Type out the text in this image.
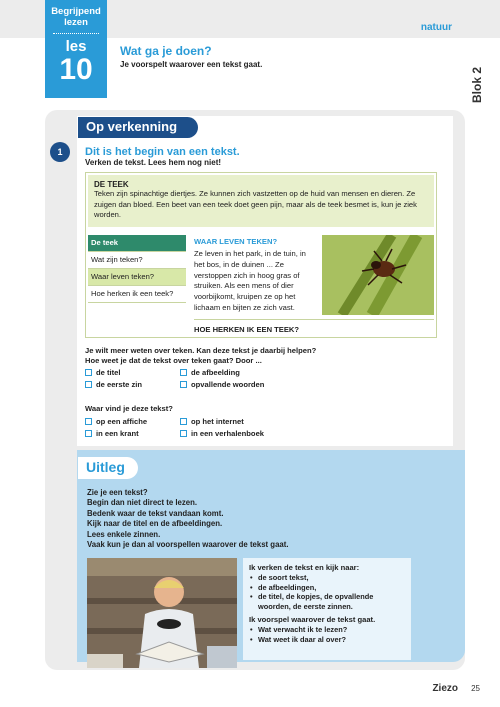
Begrijpend
lezen
les
10
natuur
Wat ga je doen?
Je voorspelt waarover een tekst gaat.
Blok 2
Op verkenning
1	Dit is het begin van een tekst.
Verken de tekst. Lees hem nog niet!
DE TEEK
Teken zijn spinachtige diertjes. Ze kunnen zich vastzetten op de huid van mensen en dieren. Ze zuigen dan bloed. Een beet van een teek doet geen pijn, maar als de teek besmet is, kun je ziek worden.
De teek
Wat zijn teken?
Waar leven teken?
Hoe herken ik een teek?
WAAR LEVEN TEKEN?
Ze leven in het park, in de tuin, in het bos, in de duinen ... Ze verstoppen zich in hoog gras of struiken. Als een mens of dier voorbijkomt, kruipen ze op het lichaam en bijten ze zich vast.
HOE HERKEN IK EEN TEEK?
Je wilt meer weten over teken. Kan deze tekst je daarbij helpen?
Hoe weet je dat de tekst over teken gaat? Door ...
de titel	de afbeelding
de eerste zin	opvallende woorden
Waar vind je deze tekst?
op een affiche	op het internet
in een krant	in een verhalenboek
Uitleg
Zie je een tekst?
Begin dan niet direct te lezen.
Bedenk waar de tekst vandaan komt.
Kijk naar de titel en de afbeeldingen.
Lees enkele zinnen.
Vaak kun je dan al voorspellen waarover de tekst gaat.
Ik verken de tekst en kijk naar:
• de soort tekst,
• de afbeeldingen,
• de titel, de kopjes, de opvallende woorden, de eerste zinnen.
Ik voorspel waarover de tekst gaat.
• Wat verwacht ik te lezen?
• Wat weet ik daar al over?
Ziezo 25
